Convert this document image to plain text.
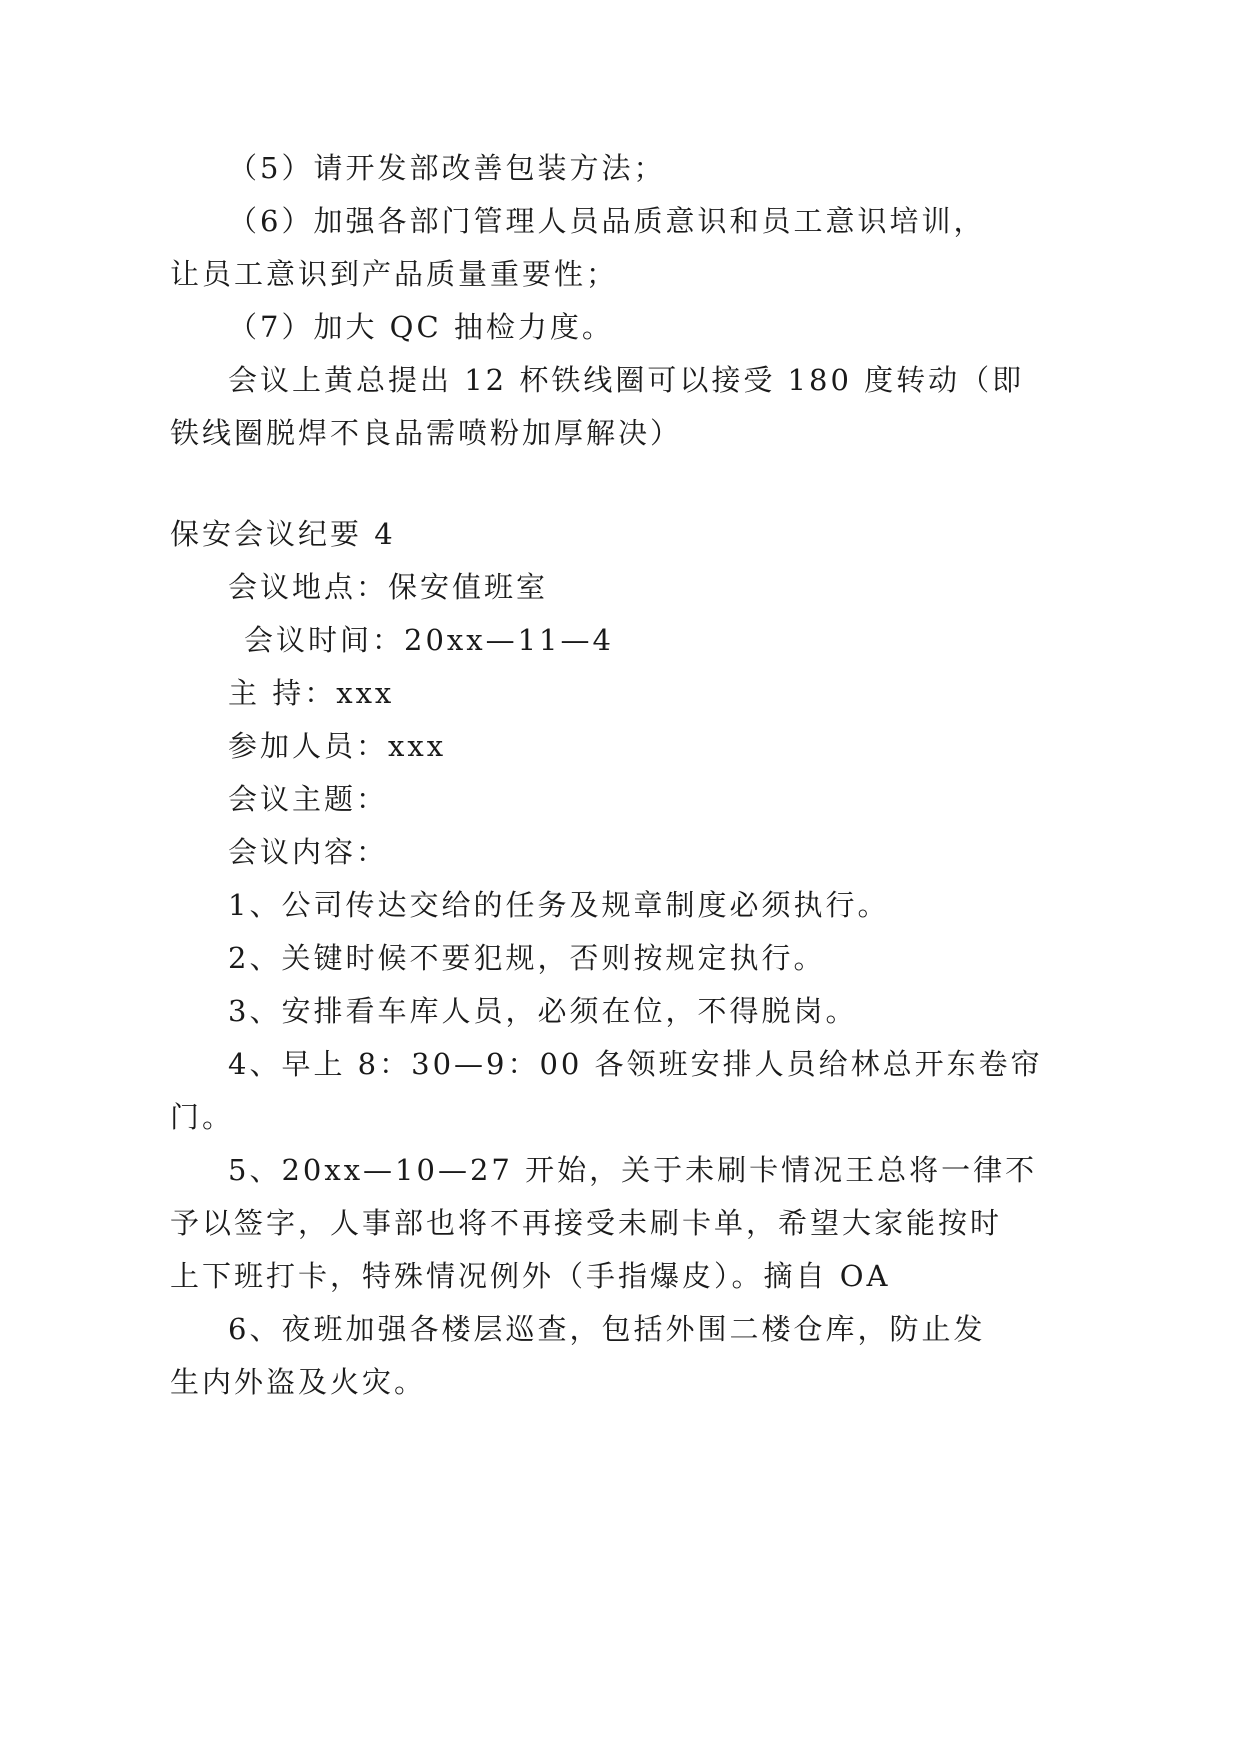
（5）请开发部改善包装方法；
（6）加强各部门管理人员品质意识和员工意识培训，
让员工意识到产品质量重要性；
（7）加大 QC 抽检力度。
会议上黄总提出 12 杯铁线圈可以接受 180 度转动（即
铁线圈脱焊不良品需喷粉加厚解决）
保安会议纪要 4
会议地点：保安值班室
会议时间：20xx—11—4
主 持：xxx
参加人员：xxx
会议主题：
会议内容：
1、公司传达交给的任务及规章制度必须执行。
2、关键时候不要犯规，否则按规定执行。
3、安排看车库人员，必须在位，不得脱岗。
4、早上 8：30—9：00 各领班安排人员给林总开东卷帘
门。
5、20xx—10—27 开始，关于未刷卡情况王总将一律不
予以签字，人事部也将不再接受未刷卡单，希望大家能按时
上下班打卡，特殊情况例外（手指爆皮）。摘自 OA
6、夜班加强各楼层巡查，包括外围二楼仓库，防止发
生内外盗及火灾。
